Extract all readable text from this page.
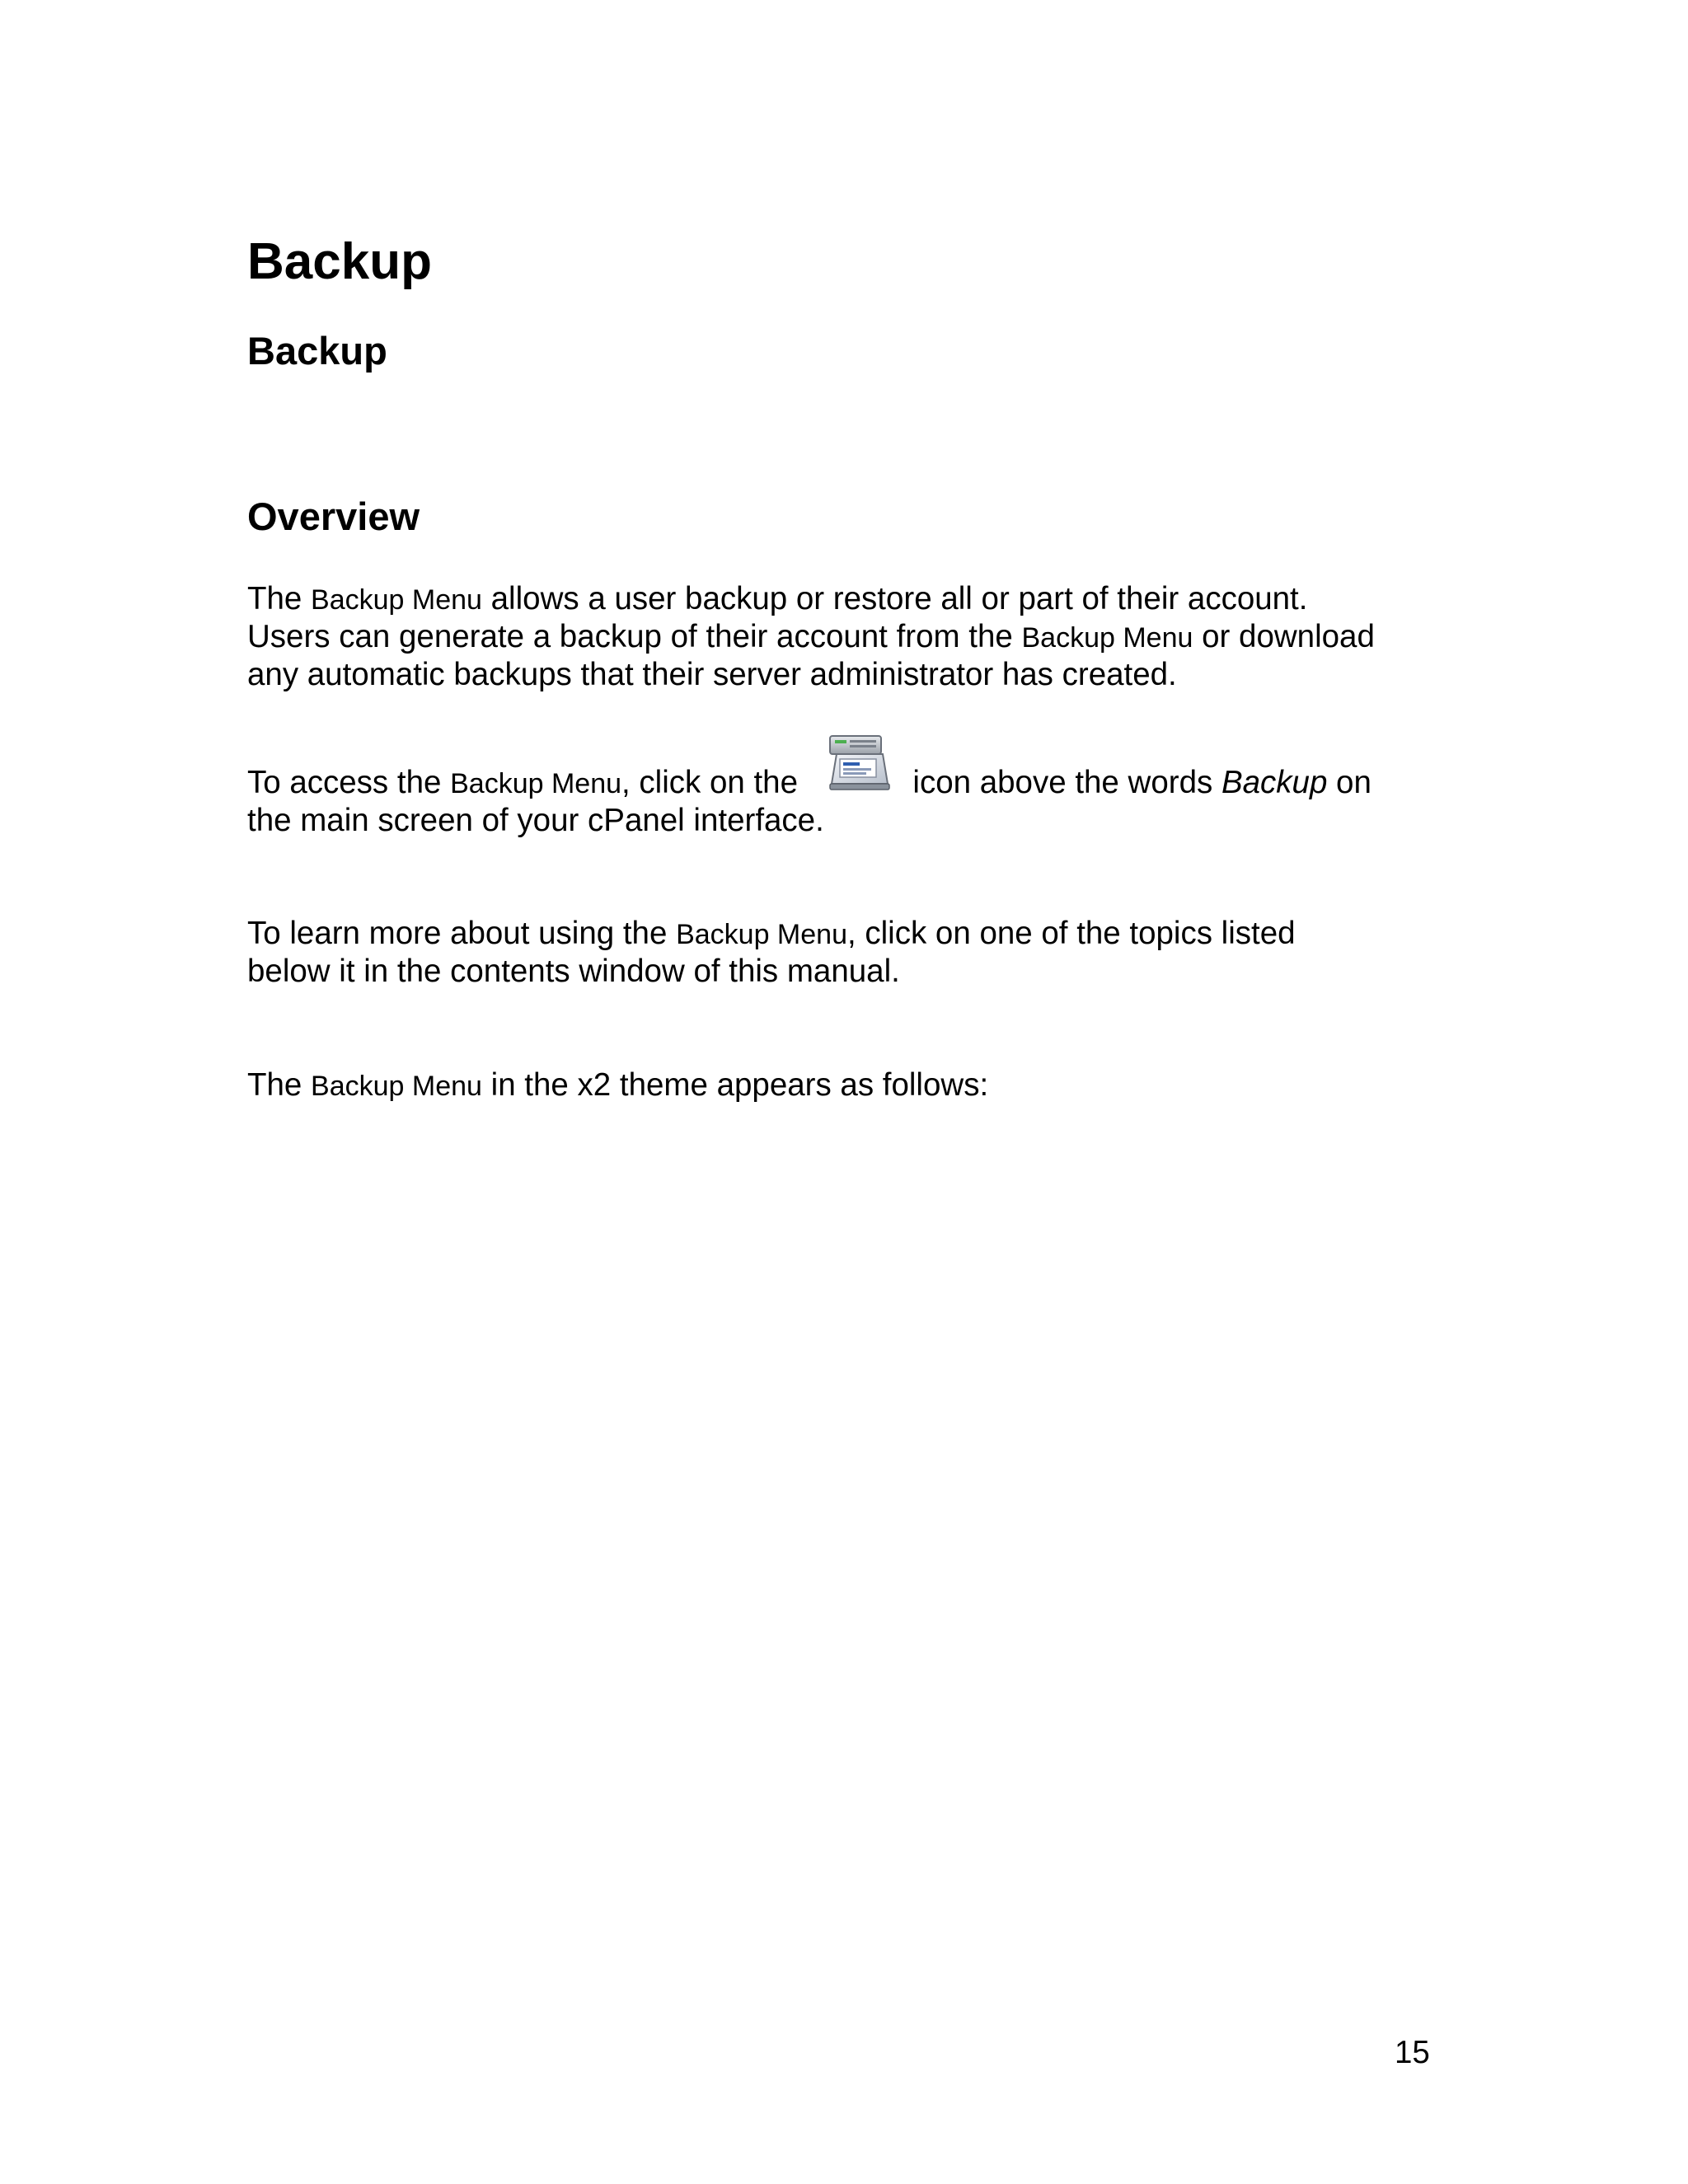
Backup
Backup
Overview

The Backup Menu allows a user backup or restore all or part of their account.
Users can generate a backup of their account from the Backup Menu or download
any automatic backups that their server administrator has created.

To access the Backup Menu, click on the	icon above the words Backup on
the main screen of your cPanel interface.

To learn more about using the Backup Menu, click on one of the topics listed
below it in the contents window of this manual.

The Backup Menu in the x2 theme appears as follows:

15
